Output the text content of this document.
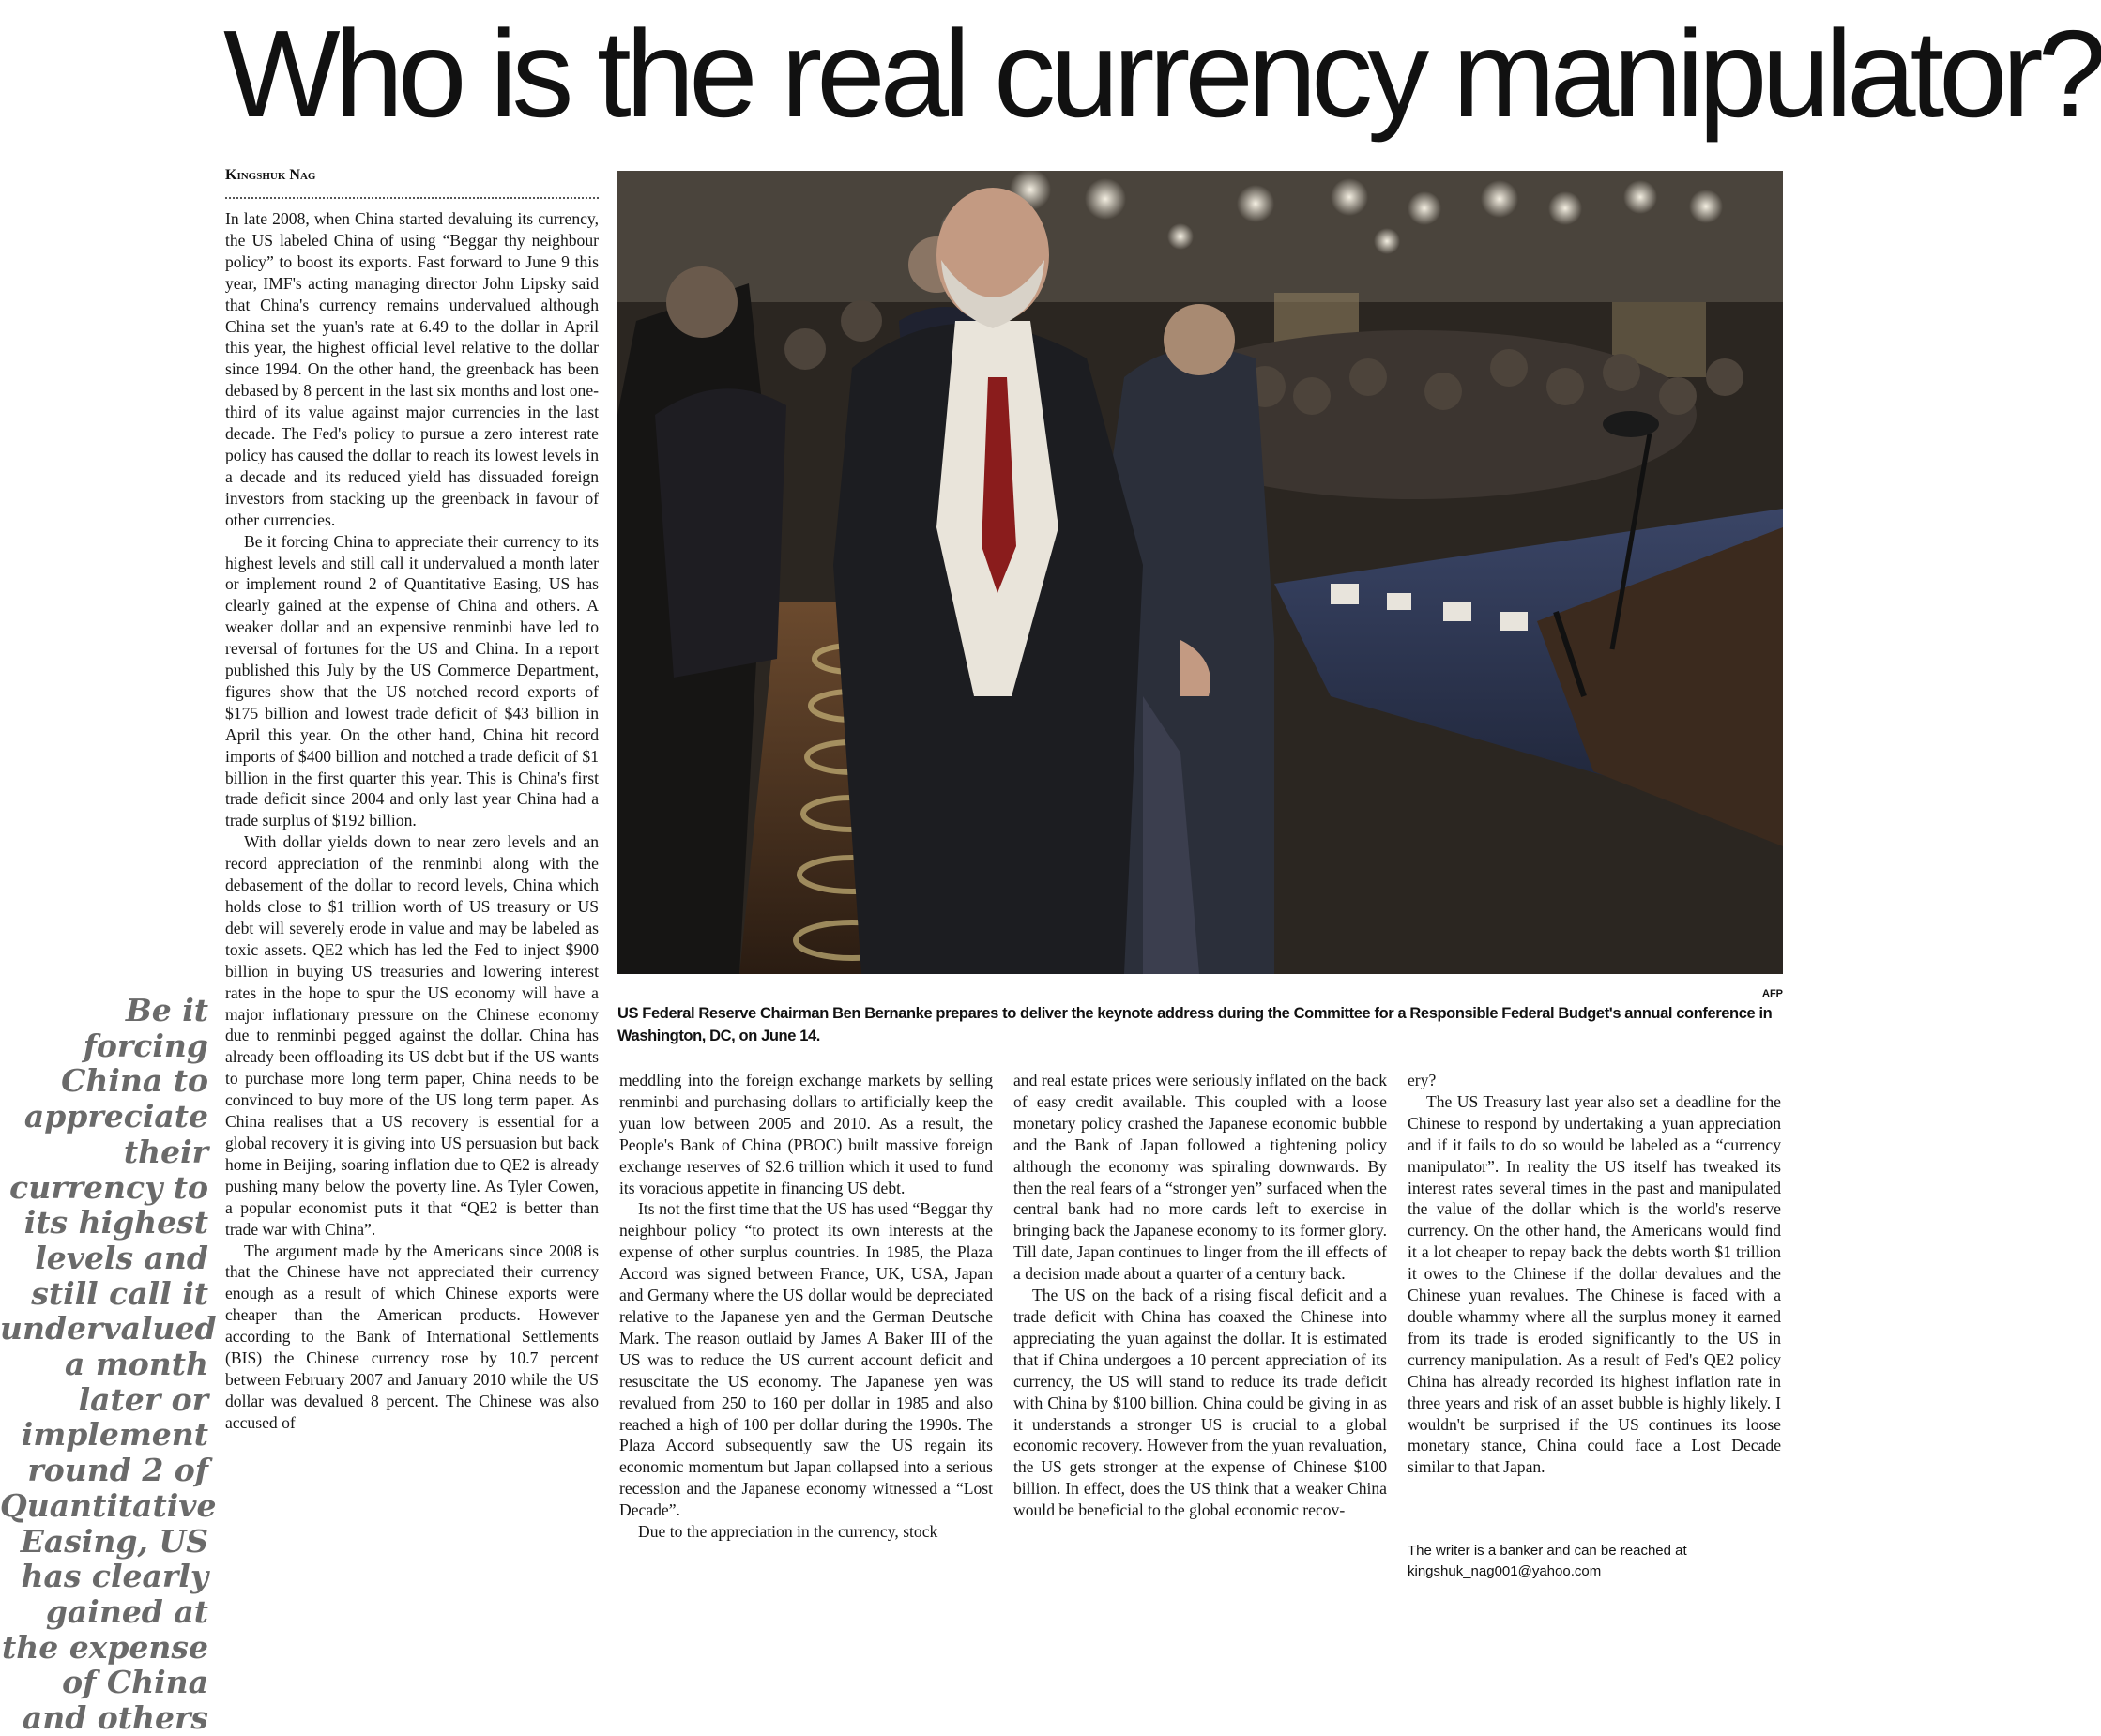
Who is the real currency manipulator?
Kingshuk Nag
Be it forcing China to appreciate their currency to its highest levels and still call it undervalued a month later or implement round 2 of Quantitative Easing, US has clearly gained at the expense of China and others

In late 2008, when China started devaluing its currency, the US labeled China of using “Beggar thy neighbour policy” to boost its exports. Fast forward to June 9 this year, IMF's acting managing director John Lipsky said that China's currency remains undervalued although China set the yuan's rate at 6.49 to the dollar in April this year, the highest official level relative to the dollar since 1994. On the other hand, the greenback has been debased by 8 percent in the last six months and lost one-third of its value against major currencies in the last decade. The Fed's policy to pursue a zero interest rate policy has caused the dollar to reach its lowest levels in a decade and its reduced yield has dissuaded foreign investors from stacking up the greenback in favour of other currencies.

Be it forcing China to appreciate their currency to its highest levels and still call it undervalued a month later or implement round 2 of Quantitative Easing, US has clearly gained at the expense of China and others. A weaker dollar and an expensive renminbi have led to reversal of fortunes for the US and China. In a report published this July by the US Commerce Department, figures show that the US notched record exports of $175 billion and lowest trade deficit of $43 billion in April this year. On the other hand, China hit record imports of $400 billion and notched a trade deficit of $1 billion in the first quarter this year. This is China's first trade deficit since 2004 and only last year China had a trade surplus of $192 billion.

With dollar yields down to near zero levels and an record appreciation of the renminbi along with the debasement of the dollar to record levels, China which holds close to $1 trillion worth of US treasury or US debt will severely erode in value and may be labeled as toxic assets. QE2 which has led the Fed to inject $900 billion in buying US treasuries and lowering interest rates in the hope to spur the US economy will have a major inflationary pressure on the Chinese economy due to renminbi pegged against the dollar. China has already been offloading its US debt but if the US wants to purchase more long term paper, China needs to be convinced to buy more of the US long term paper. As China realises that a US recovery is essential for a global recovery it is giving into US persuasion but back home in Beijing, soaring inflation due to QE2 is already pushing many below the poverty line. As Tyler Cowen, a popular economist puts it that “QE2 is better than trade war with China”.

The argument made by the Americans since 2008 is that the Chinese have not appreciated their currency enough as a result of which Chinese exports were cheaper than the American products. However according to the Bank of International Settlements (BIS) the Chinese currency rose by 10.7 percent between February 2007 and January 2010 while the US dollar was devalued 8 percent. The Chinese was also accused of

AFP
US Federal Reserve Chairman Ben Bernanke prepares to deliver the keynote address during the Committee for a Responsible Federal Budget's annual conference in Washington, DC, on June 14.

meddling into the foreign exchange markets by selling renminbi and purchasing dollars to artificially keep the yuan low between 2005 and 2010. As a result, the People's Bank of China (PBOC) built massive foreign exchange reserves of $2.6 trillion which it used to fund its voracious appetite in financing US debt.

Its not the first time that the US has used “Beggar thy neighbour policy “to protect its own interests at the expense of other surplus countries. In 1985, the Plaza Accord was signed between France, UK, USA, Japan and Germany where the US dollar would be depreciated relative to the Japanese yen and the German Deutsche Mark. The reason outlaid by James A Baker III of the US was to reduce the US current account deficit and resuscitate the US economy. The Japanese yen was revalued from 250 to 160 per dollar in 1985 and also reached a high of 100 per dollar during the 1990s. The Plaza Accord subsequently saw the US regain its economic momentum but Japan collapsed into a serious recession and the Japanese economy witnessed a “Lost Decade”.

Due to the appreciation in the currency, stock

and real estate prices were seriously inflated on the back of easy credit available. This coupled with a loose monetary policy crashed the Japanese economic bubble and the Bank of Japan followed a tightening policy although the economy was spiraling downwards. By then the real fears of a “stronger yen” surfaced when the central bank had no more cards left to exercise in bringing back the Japanese economy to its former glory. Till date, Japan continues to linger from the ill effects of a decision made about a quarter of a century back.

The US on the back of a rising fiscal deficit and a trade deficit with China has coaxed the Chinese into appreciating the yuan against the dollar. It is estimated that if China undergoes a 10 percent appreciation of its currency, the US will stand to reduce its trade deficit with China by $100 billion. China could be giving in as it understands a stronger US is crucial to a global economic recovery. However from the yuan revaluation, the US gets stronger at the expense of Chinese $100 billion. In effect, does the US think that a weaker China would be beneficial to the global economic recov-

ery?

The US Treasury last year also set a deadline for the Chinese to respond by undertaking a yuan appreciation and if it fails to do so would be labeled as a “currency manipulator”. In reality the US itself has tweaked its interest rates several times in the past and manipulated the value of the dollar which is the world's reserve currency. On the other hand, the Americans would find it a lot cheaper to repay back the debts worth $1 trillion it owes to the Chinese if the dollar devalues and the Chinese yuan revalues. The Chinese is faced with a double whammy where all the surplus money it earned from its trade is eroded significantly to the US in currency manipulation. As a result of Fed's QE2 policy China has already recorded its highest inflation rate in three years and risk of an asset bubble is highly likely. I wouldn't be surprised if the US continues its loose monetary stance, China could face a Lost Decade similar to that Japan.

The writer is a banker and can be reached at
kingshuk_nag001@yahoo.com
